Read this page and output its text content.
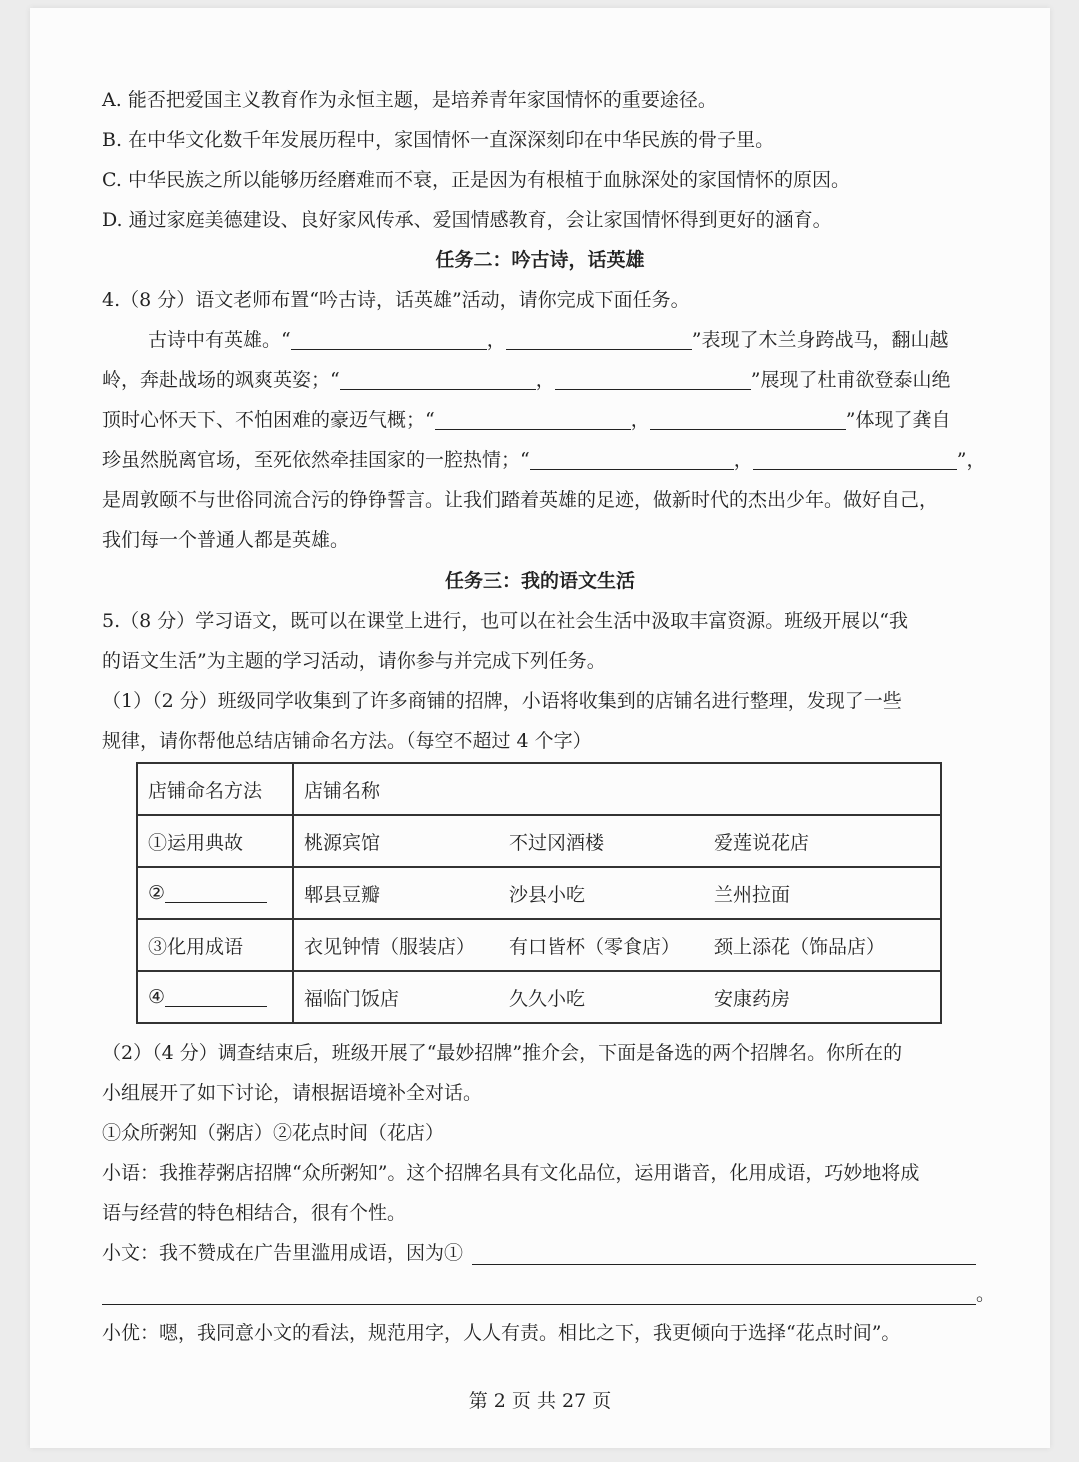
A. 能否把爱国主义教育作为永恒主题，是培养青年家国情怀的重要途径。
B. 在中华文化数千年发展历程中，家国情怀一直深深刻印在中华民族的骨子里。
C. 中华民族之所以能够历经磨难而不衰，正是因为有根植于血脉深处的家国情怀的原因。
D. 通过家庭美德建设、良好家风传承、爱国情感教育，会让家国情怀得到更好的涵育。
任务二：吟古诗，话英雄
4.（8 分）语文老师布置“吟古诗，话英雄”活动，请你完成下面任务。
古诗中有英雄。“	，	”表现了木兰身跨战马，翻山越
岭，奔赴战场的飒爽英姿；“	，	”展现了杜甫欲登泰山绝
顶时心怀天下、不怕困难的豪迈气概；“	，	”体现了龚自
珍虽然脱离官场，至死依然牵挂国家的一腔热情；“	，	”，
是周敦颐不与世俗同流合污的铮铮誓言。让我们踏着英雄的足迹，做新时代的杰出少年。做好自己，
我们每一个普通人都是英雄。
任务三：我的语文生活
5.（8 分）学习语文，既可以在课堂上进行，也可以在社会生活中汲取丰富资源。班级开展以“我
的语文生活”为主题的学习活动，请你参与并完成下列任务。
（1）（2 分）班级同学收集到了许多商铺的招牌，小语将收集到的店铺名进行整理，发现了一些
规律，请你帮他总结店铺命名方法。（每空不超过 4 个字）
店铺命名方法	店铺名称
①运用典故	桃源宾馆 不过冈酒楼 爱莲说花店

②	郫县豆瓣 沙县小吃 兰州拉面

③化用成语	衣见钟情（服装店） 有口皆杯（零食店） 颈上添花（饰品店）

④	福临门饭店 久久小吃 安康药房
（2）（4 分）调查结束后，班级开展了“最妙招牌”推介会，下面是备选的两个招牌名。你所在的
小组展开了如下讨论，请根据语境补全对话。
①众所粥知（粥店）②花点时间（花店）
小语：我推荐粥店招牌“众所粥知”。这个招牌名具有文化品位，运用谐音，化用成语，巧妙地将成
语与经营的特色相结合，很有个性。
小文：我不赞成在广告里滥用成语，因为①
。
小优：嗯，我同意小文的看法，规范用字，人人有责。相比之下，我更倾向于选择“花点时间”。
第 2 页 共 27 页
